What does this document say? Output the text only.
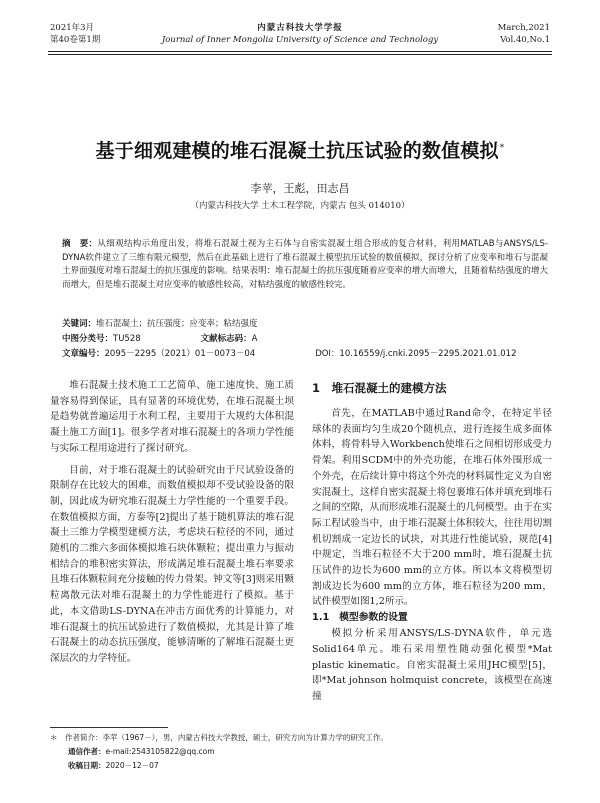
2021年3月
第40卷第1期
内蒙古科技大学学报
Journal of Inner Mongolia University of Science and Technology
March,2021
Vol.40,No.1
基于细观建模的堆石混凝土抗压试验的数值模拟*
李苹，王彪，田志昌
（内蒙古科技大学 土木工程学院，内蒙古 包头 014010）
摘　要：从细观结构示角度出发，将堆石混凝土视为主石体与自密实混凝土组合形成的复合材料，利用MATLAB与ANSYS/LS-DYNA软件建立了三维有限元模型，然后在此基础上进行了堆石混凝土模型抗压试验的数值模拟，探讨分析了应变率和堆石与混凝土界面强度对堆石混凝土的抗压强度的影响。结果表明：堆石混凝土的抗压强度随着应变率的增大而增大，且随着粘结强度的增大而增大，但是堆石混凝土对应变率的敏感性较高，对粘结强度的敏感性较完。
关键词：堆石混凝土；抗压强度；应变率；粘结强度
中图分类号：TU528	文献标志码：A
文章编号：2095－2295（2021）01－0073－04	DOI：10.16559/j.cnki.2095－2295.2021.01.012

堆石混凝土技术施工工艺简单、施工速度快、施工质量容易得到保证，具有显著的环境优势，在堆石混凝土坝是趋势就普遍运用于水利工程，主要用于大规约大体积混凝土施工方面[1]。很多学者对堆石混凝土的各项力学性能与实际工程用途进行了探讨研究。

目前，对于堆石混凝土的试验研究由于尺试验设备的限制存在比较大的困难，而数值模拟却不受试验设备的限制，因此成为研究堆石混凝土力学性能的一个重要手段。在数值模拟方面，方泰等[2]提出了基于随机算法的堆石混凝土三维力学模型建模方法，考虑块石粒径的不同，通过随机的二维六多面体模拟堆石块体颗粒；提出重力与振动相结合的堆积密实算法，形成满足堆石混凝土堆石率要求且堆石体颗粒间充分接触的传力骨架。钟文等[3]则采用颗粒离散元法对堆石混凝土的力学性能进行了模拟。基于此，本文借助LS-DYNA在冲击方面优秀的计算能力，对堆石混凝土的抗压试验进行了数值模拟，尤其是计算了堆石混凝土的动态抗压强度，能够清晰的了解堆石混凝土更深层次的力学特征。

1　堆石混凝土的建模方法

首先，在MATLAB中通过Rand命令，在特定半径球体的表面均匀生成20个随机点，进行连接生成多面体体料，将骨料导入Workbench使堆石之间相切形成受力骨架。利用SCDM中的外壳功能，在堆石体外围形成一个外壳，在后续计算中将这个外壳的材料属性定义为自密实混凝土，这样自密实混凝土将包裹堆石体并填充到堆石之间的空隙，从而形成堆石混凝土的几何模型。由于在实际工程试验当中，由于堆石混凝土体积较大，往往用切割机切割成一定边长的试块，对其进行性能试验，规范[4]中规定，当堆石粒径不大于200 mm时，堆石混凝土抗压试件的边长为600 mm的立方体。所以本文将模型切割成边长为600 mm的立方体，堆石粒径为200 mm，试件模型如图1,2所示。

1.1　模型参数的设置

模拟分析采用ANSYS/LS-DYNA软件，单元选Solid164单元。堆石采用塑性随动强化模型*Mat plastic kinematic。自密实混凝土采用JHC模型[5]，即*Mat johnson holmquist concrete，该模型在高速撞

＊　作者简介：李苹（1967－），男，内蒙古科技大学教授，硕士，研究方向为计算力学的研究工作。
通信作者：e-mail:2543105822@qq.com
收稿日期：2020－12－07
